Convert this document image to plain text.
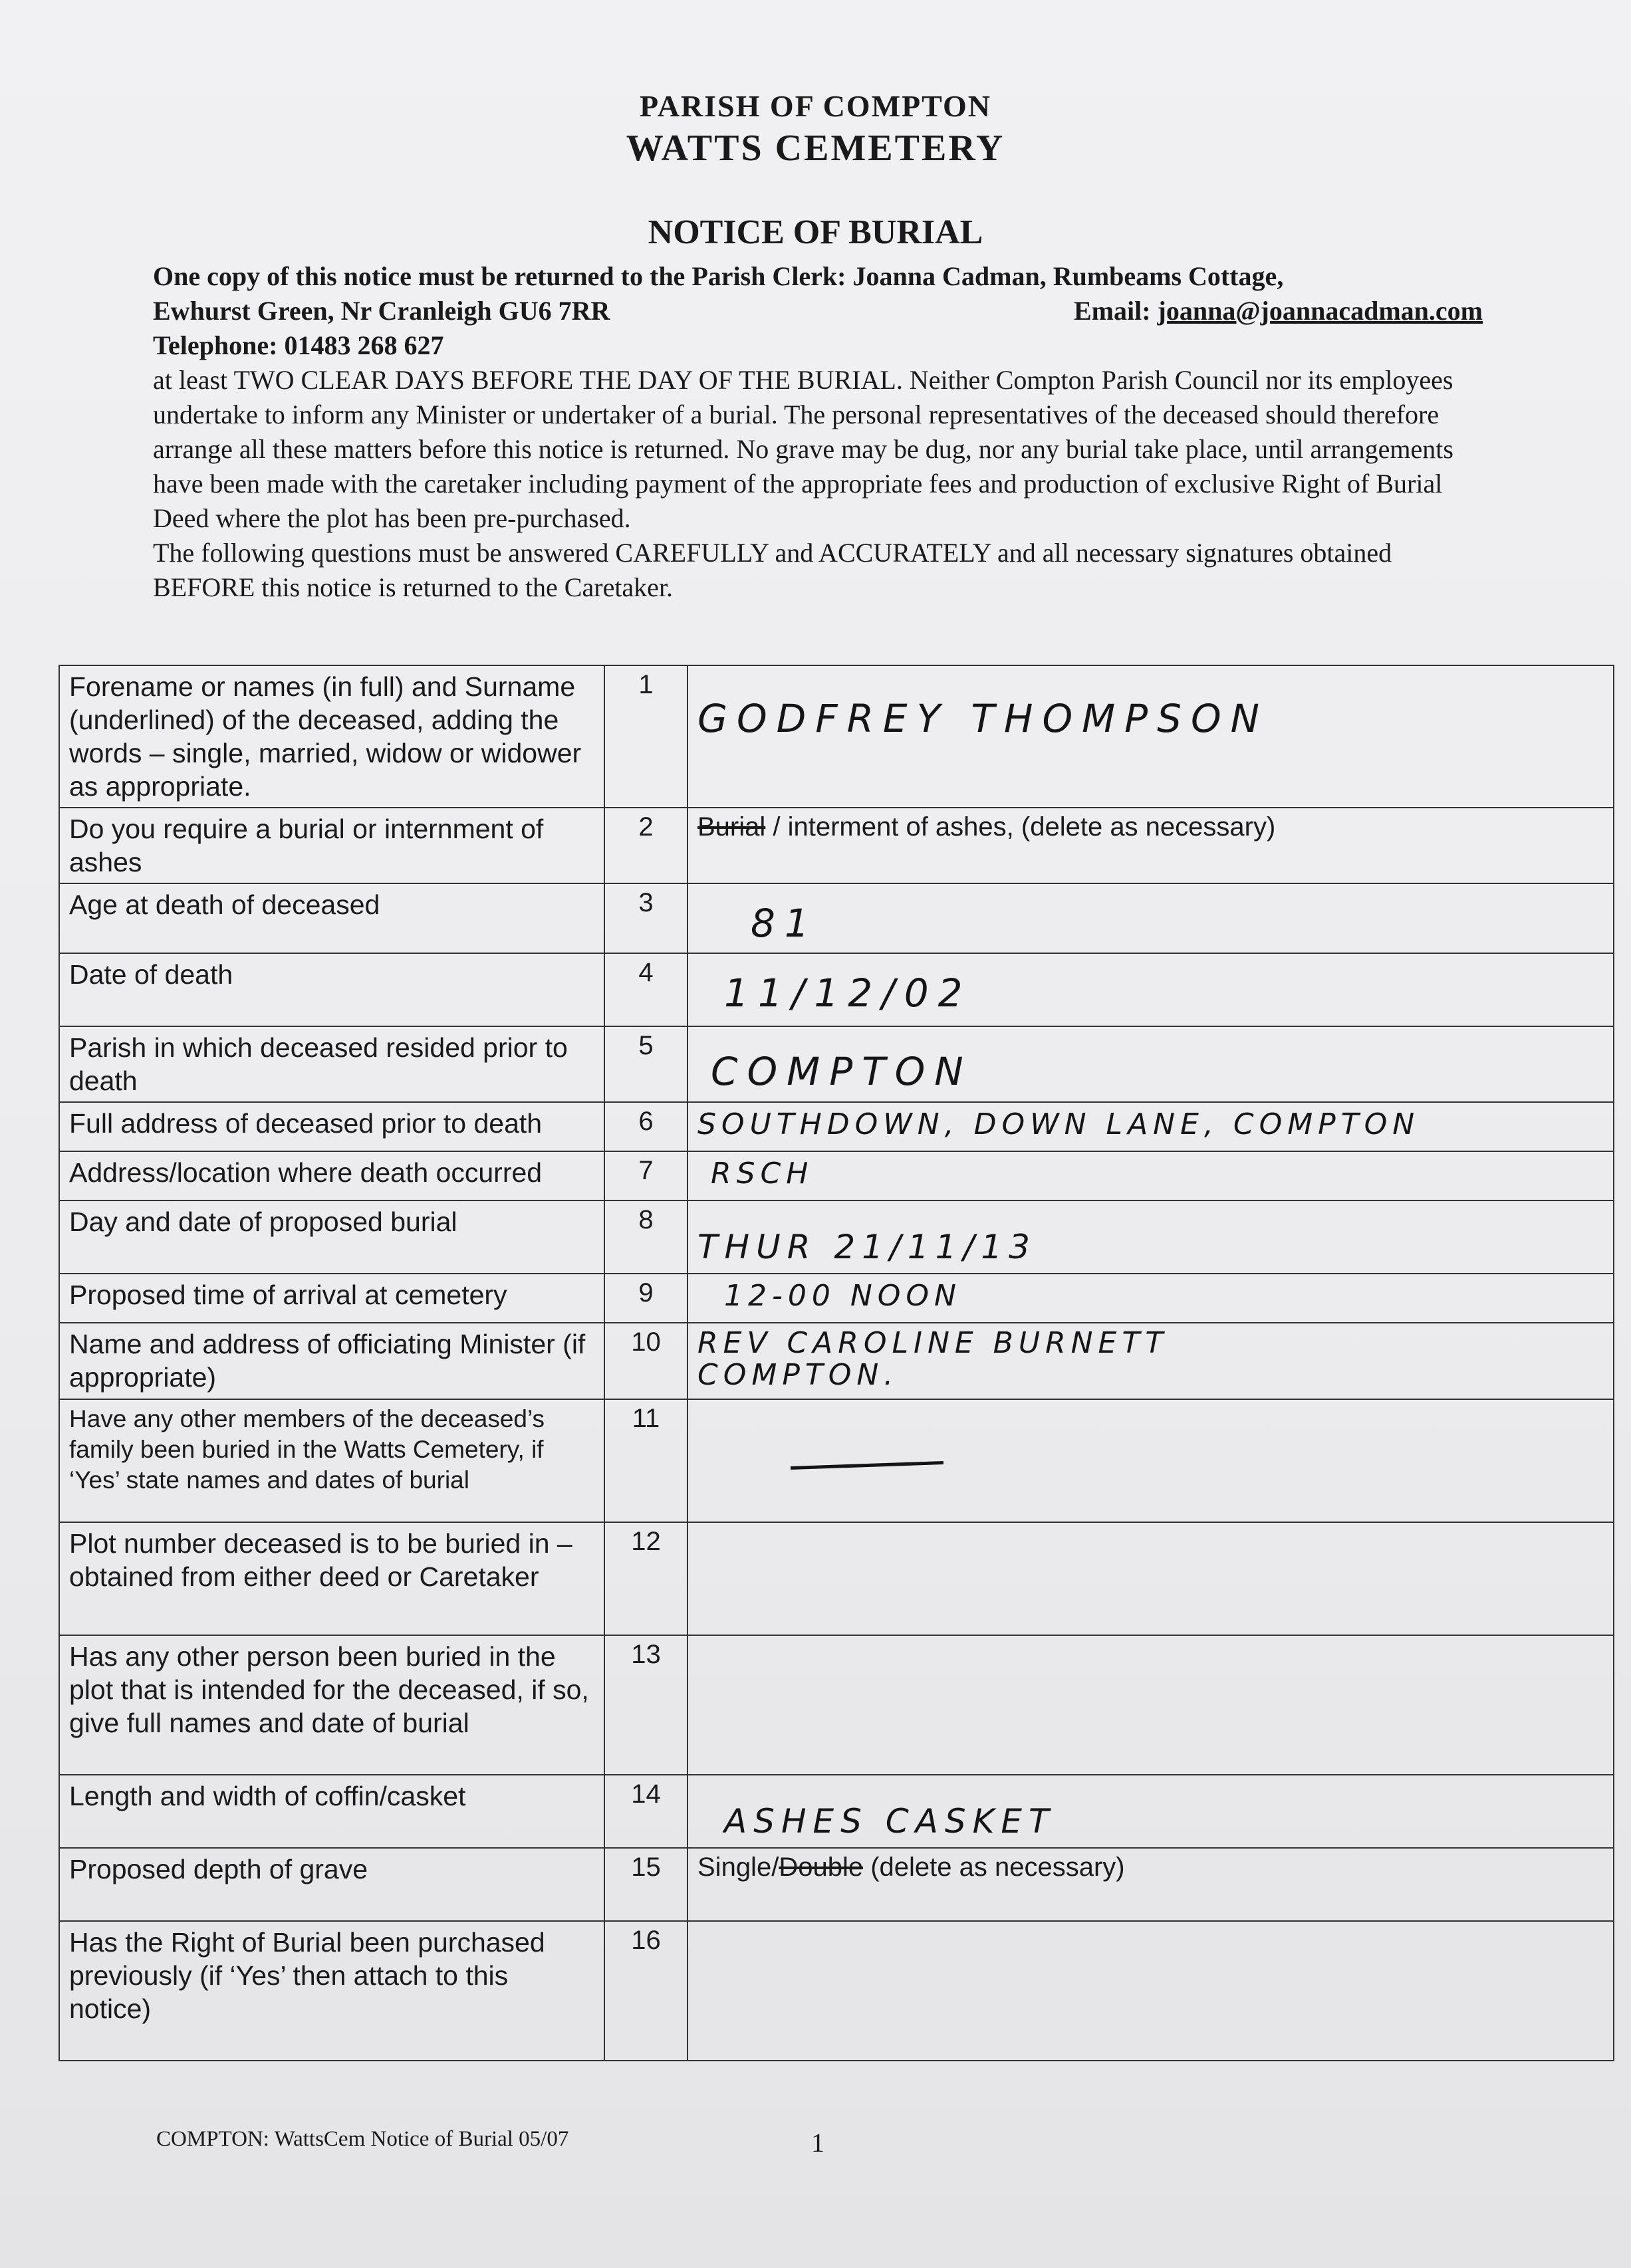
PARISH OF COMPTON
WATTS CEMETERY
NOTICE OF BURIAL

One copy of this notice must be returned to the Parish Clerk: Joanna Cadman, Rumbeams Cottage,

Ewhurst Green, Nr Cranleigh GU6 7RR	Email: joanna@joannacadman.com

Telephone: 01483 268 627

at least TWO CLEAR DAYS BEFORE THE DAY OF THE BURIAL. Neither Compton Parish Council nor its employees undertake to inform any Minister or undertaker of a burial. The personal representatives of the deceased should therefore arrange all these matters before this notice is returned. No grave may be dug, nor any burial take place, until arrangements have been made with the caretaker including payment of the appropriate fees and production of exclusive Right of Burial Deed where the plot has been pre-purchased.

The following questions must be answered CAREFULLY and ACCURATELY and all necessary signatures obtained BEFORE this notice is returned to the Caretaker.

Forename or names (in full) and Surname (underlined) of the deceased, adding the words – single, married, widow or widower as appropriate.	1	GODFREY THOMPSON
Do you require a burial or internment of ashes	2	Burial / interment of ashes, (delete as necessary)
Age at death of deceased	3	81
Date of death	4	11/12/02
Parish in which deceased resided prior to death	5	COMPTON
Full address of deceased prior to death	6	SOUTHDOWN, DOWN LANE, COMPTON
Address/location where death occurred	7	RSCH
Day and date of proposed burial	8	THUR 21/11/13
Proposed time of arrival at cemetery	9	12-00 NOON
Name and address of officiating Minister (if appropriate)	10	REV CAROLINE BURNETT
COMPTON.
Have any other members of the deceased’s family been buried in the Watts Cemetery, if ‘Yes’ state names and dates of burial	11	

Plot number deceased is to be buried in – obtained from either deed or Caretaker	12	
Has any other person been buried in the plot that is intended for the deceased, if so, give full names and date of burial	13	
Length and width of coffin/casket	14	ASHES CASKET
Proposed depth of grave	15	Single/Double (delete as necessary)
Has the Right of Burial been purchased previously (if ‘Yes’ then attach to this notice)	16	
COMPTON: WattsCem Notice of Burial 05/07	1
